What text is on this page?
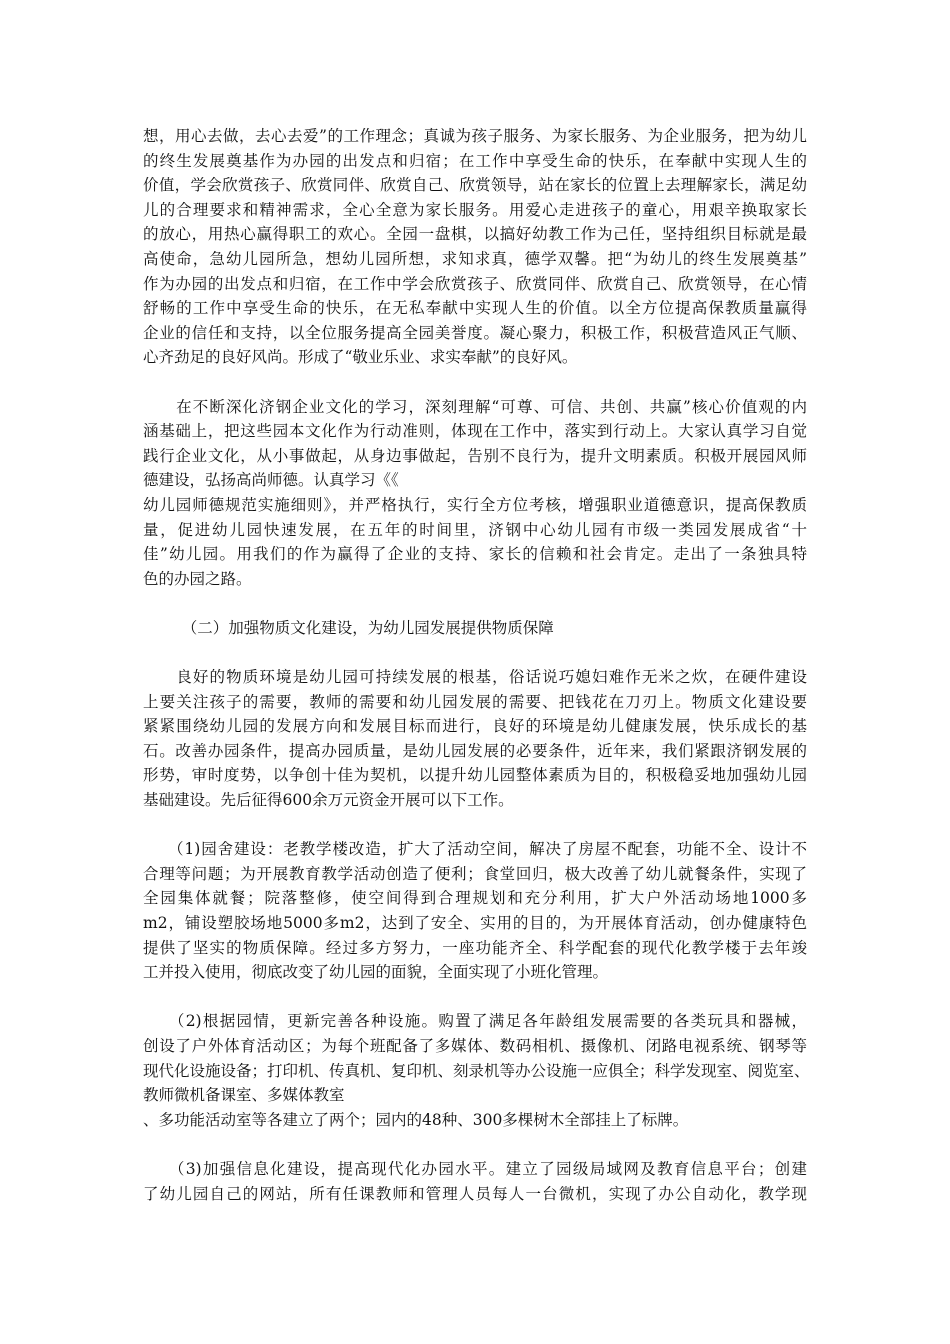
想，用心去做，去心去爱”的工作理念；真诚为孩子服务、为家长服务、为企业服务，把为幼儿
的终生发展奠基作为办园的出发点和归宿；在工作中享受生命的快乐，在奉献中实现人生的
价值，学会欣赏孩子、欣赏同伴、欣赏自己、欣赏领导，站在家长的位置上去理解家长，满足幼
儿的合理要求和精神需求，全心全意为家长服务。用爱心走进孩子的童心，用艰辛换取家长
的放心，用热心赢得职工的欢心。全园一盘棋，以搞好幼教工作为己任，坚持组织目标就是最
高使命，急幼儿园所急，想幼儿园所想，求知求真，德学双馨。把“为幼儿的终生发展奠基”
作为办园的出发点和归宿，在工作中学会欣赏孩子、欣赏同伴、欣赏自己、欣赏领导，在心情
舒畅的工作中享受生命的快乐，在无私奉献中实现人生的价值。以全方位提高保教质量赢得
企业的信任和支持，以全位服务提高全园美誉度。凝心聚力，积极工作，积极营造风正气顺、
心齐劲足的良好风尚。形成了“敬业乐业、求实奉献”的良好风。
　　在不断深化济钢企业文化的学习，深刻理解“可尊、可信、共创、共赢”核心价值观的内
涵基础上，把这些园本文化作为行动准则，体现在工作中，落实到行动上。大家认真学习自觉
践行企业文化，从小事做起，从身边事做起，告别不良行为，提升文明素质。积极开展园风师
德建设，弘扬高尚师德。认真学习《《
幼儿园师德规范实施细则》，并严格执行，实行全方位考核，增强职业道德意识，提高保教质
量，促进幼儿园快速发展，在五年的时间里，济钢中心幼儿园有市级一类园发展成省“十
佳”幼儿园。用我们的作为赢得了企业的支持、家长的信赖和社会肯定。走出了一条独具特
色的办园之路。
　　　（二）加强物质文化建设，为幼儿园发展提供物质保障
　　良好的物质环境是幼儿园可持续发展的根基，俗话说巧媳妇难作无米之炊，在硬件建设
上要关注孩子的需要，教师的需要和幼儿园发展的需要、把钱花在刀刃上。物质文化建设要
紧紧围绕幼儿园的发展方向和发展目标而进行，良好的环境是幼儿健康发展，快乐成长的基
石。改善办园条件，提高办园质量，是幼儿园发展的必要条件，近年来，我们紧跟济钢发展的
形势，审时度势，以争创十佳为契机，以提升幼儿园整体素质为目的，积极稳妥地加强幼儿园
基础建设。先后征得600余万元资金开展可以下工作。
　　（1)园舍建设：老教学楼改造，扩大了活动空间，解决了房屋不配套，功能不全、设计不
合理等问题；为开展教育教学活动创造了便利；食堂回归，极大改善了幼儿就餐条件，实现了
全园集体就餐；院落整修，使空间得到合理规划和充分利用，扩大户外活动场地1000多
m2，铺设塑胶场地5000多m2，达到了安全、实用的目的，为开展体育活动，创办健康特色
提供了坚实的物质保障。经过多方努力，一座功能齐全、科学配套的现代化教学楼于去年竣
工并投入使用，彻底改变了幼儿园的面貌，全面实现了小班化管理。
　　（2)根据园情，更新完善各种设施。购置了满足各年龄组发展需要的各类玩具和器械，
创设了户外体育活动区；为每个班配备了多媒体、数码相机、摄像机、闭路电视系统、钢琴等
现代化设施设备；打印机、传真机、复印机、刻录机等办公设施一应俱全；科学发现室、阅览室、
教师微机备课室、多媒体教室
、多功能活动室等各建立了两个；园内的48种、300多棵树木全部挂上了标牌。
　　（3)加强信息化建设，提高现代化办园水平。建立了园级局域网及教育信息平台；创建
了幼儿园自己的网站，所有任课教师和管理人员每人一台微机，实现了办公自动化，教学现
